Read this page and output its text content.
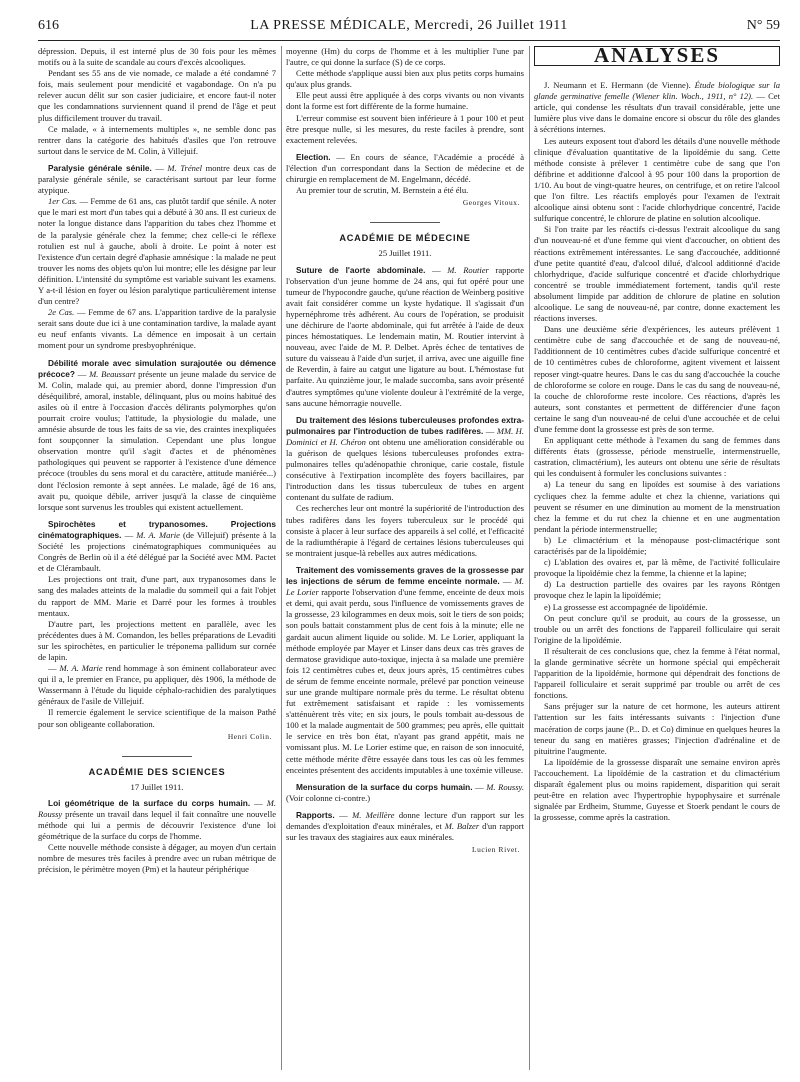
616	LA PRESSE MÉDICALE, Mercredi, 26 Juillet 1911	N° 59

dépression. Depuis, il est interné plus de 30 fois pour les mêmes motifs ou à la suite de scandale au cours d'excès alcooliques.

Pendant ses 55 ans de vie nomade, ce malade a été condamné 7 fois, mais seulement pour mendicité et vagabondage. On n'a pu relever aucun délit sur son casier judiciaire, et encore faut-il noter que les condamnations surviennent quand il prend de l'âge et peut plus difficilement trouver du travail.

Ce malade, « à internements multiples », ne semble donc pas rentrer dans la catégorie des habitués d'asiles que l'on retrouve surtout dans le service de M. Colin, à Villejuif.

Paralysie générale sénile. — M. Trénel montre deux cas de paralysie générale sénile, se caractérisant surtout par leur forme atypique.

1er Cas. — Femme de 61 ans, cas plutôt tardif que sénile. A noter que le mari est mort d'un tabes qui a débuté à 30 ans. Il est curieux de noter la longue distance dans l'apparition du tabes chez l'homme et de la paralysie générale chez la femme; chez celle-ci le réflexe rotulien est nul à gauche, aboli à droite. Le point à noter est l'existence d'un certain degré d'aphasie amnésique : la malade ne peut trouver les noms des objets qu'on lui montre; elle les désigne par leur définition. L'intensité du symptôme est variable suivant les examens. Y a-t-il lésion en foyer ou lésion paralytique particulièrement intense d'un centre?

2e Cas. — Femme de 67 ans. L'apparition tardive de la paralysie serait sans doute due ici à une contamination tardive, la malade ayant eu neuf enfants vivants. La démence en imposait à un certain moment pour un syndrome presbyophrénique.

Débilité morale avec simulation surajoutée ou démence précoce? — M. Beaussart présente un jeune malade du service de M. Colin, malade qui, au premier abord, donne l'impression d'un déséquilibré, amoral, instable, délinquant, plus ou moins habitué des asiles où il entre à l'occasion d'accès délirants polymorphes qu'on pourrait croire voulus; l'attitude, la physiologie du malade, une amnésie absurde de tous les faits de sa vie, des craintes inexpliquées font soupçonner la simulation. Cependant une plus longue observation montre qu'il s'agit d'actes et de phénomènes pathologiques qui peuvent se rapporter à l'existence d'une démence précoce (troubles du sens moral et du caractère, attitude maniérée...) dont l'éclosion remonte à sept années. Le malade, âgé de 16 ans, avait pu, quoique débile, arriver jusqu'à la classe de cinquième lorsque sont survenus les troubles qui existent actuellement.

Spirochètes et trypanosomes. Projections cinématographiques. — M. A. Marie (de Villejuif) présente à la Société les projections cinématographiques communiquées au Congrès de Berlin où il a été délégué par la Société avec MM. Pactet et de Clérambault.

Les projections ont trait, d'une part, aux trypanosomes dans le sang des malades atteints de la maladie du sommeil qui a fait l'objet du rapport de MM. Marie et Darré pour les formes à troubles mentaux.

D'autre part, les projections mettent en parallèle, avec les précédentes dues à M. Comandon, les belles préparations de Levaditi sur les spirochètes, en particulier le tréponema pallidum sur cornée de lapin.

— M. A. Marie rend hommage à son éminent collaborateur avec qui il a, le premier en France, pu appliquer, dès 1906, la méthode de Wassermann à l'étude du liquide céphalo-rachidien des paralytiques généraux de l'asile de Villejuif.

Il remercie également le service scientifique de la maison Pathé pour son obligeante collaboration.

Henri Colin.
ACADÉMIE DES SCIENCES
17 Juillet 1911.

Loi géométrique de la surface du corps humain. — M. Roussy présente un travail dans lequel il fait connaître une nouvelle méthode qui lui a permis de découvrir l'existence d'une loi géométrique de la surface du corps de l'homme.

Cette nouvelle méthode consiste à dégager, au moyen d'un certain nombre de mesures très faciles à prendre avec un ruban métrique de précision, le périmètre moyen (Pm) et la hauteur périphérique

moyenne (Hm) du corps de l'homme et à les multiplier l'une par l'autre, ce qui donne la surface (S) de ce corps.

Cette méthode s'applique aussi bien aux plus petits corps humains qu'aux plus grands.

Elle peut aussi être appliquée à des corps vivants ou non vivants dont la forme est fort différente de la forme humaine.

L'erreur commise est souvent bien inférieure à 1 pour 100 et peut être presque nulle, si les mesures, du reste faciles à prendre, sont exactement relevées.

Election. — En cours de séance, l'Académie a procédé à l'élection d'un correspondant dans la Section de médecine et de chirurgie en remplacement de M. Engelmann, décédé.

Au premier tour de scrutin, M. Bernstein a été élu.

Georges Vitoux.
ACADÉMIE DE MÉDECINE
25 Juillet 1911.

Suture de l'aorte abdominale. — M. Routier rapporte l'observation d'un jeune homme de 24 ans, qui fut opéré pour une tumeur de l'hypocondre gauche, qu'une réaction de Weinberg positive avait fait considérer comme un kyste hydatique. Il s'agissait d'un hypernéphrome très adhérent. Au cours de l'opération, se produisit une déchirure de l'aorte abdominale, qui fut arrêtée à l'aide de deux pinces hémostatiques. Le lendemain matin, M. Routier intervint à nouveau, avec l'aide de M. P. Delbet. Après échec de tentatives de suture du vaisseau à l'aide d'un surjet, il arriva, avec une aiguille fine de Reverdin, à faire au catgut une ligature au bout. L'hémostase fut parfaite. Au quinzième jour, le malade succomba, sans avoir présenté d'autres symptômes qu'une violente douleur à l'extrémité de la verge, sans aucune hémorragie nouvelle.

Du traitement des lésions tuberculeuses profondes extra-pulmonaires par l'introduction de tubes radifères. — MM. H. Dominici et H. Chéron ont obtenu une amélioration considérable ou la guérison de quelques lésions tuberculeuses profondes extra-pulmonaires telles qu'adénopathie chronique, carie costale, fistule consécutive à l'extirpation incomplète des foyers bacillaires, par l'introduction dans les tissus tuberculeux de tubes en argent contenant du sulfate de radium.

Ces recherches leur ont montré la supériorité de l'introduction des tubes radifères dans les foyers tuberculeux sur le procédé qui consiste à placer à leur surface des appareils à sel collé, et l'efficacité de la radiumthérapie à l'égard de certaines lésions tuberculeuses qui se montraient jusque-là rebelles aux autres médications.

Traitement des vomissements graves de la grossesse par les injections de sérum de femme enceinte normale. — M. Le Lorier rapporte l'observation d'une femme, enceinte de deux mois et demi, qui avait perdu, sous l'influence de vomissements graves de la grossesse, 23 kilogrammes en deux mois, soit le tiers de son poids; son pouls battait constamment plus de cent fois à la minute; elle ne gardait aucun aliment liquide ou solide. M. Le Lorier, appliquant la méthode employée par Mayer et Linser dans deux cas très graves de dermatose gravidique auto-toxique, injecta à sa malade une première fois 12 centimètres cubes et, deux jours après, 15 centimètres cubes de sérum de femme enceinte normale, prélevé par ponction veineuse sur une grande multipare normale près du terme. Le résultat obtenu fut extrêmement satisfaisant et rapide : les vomissements s'atténuèrent très vite; en six jours, le pouls tombait au-dessous de 100 et la malade augmentait de 500 grammes; peu après, elle quittait le service en très bon état, n'ayant pas grand appétit, mais ne vomissant plus. M. Le Lorier estime que, en raison de son innocuité, cette méthode mérite d'être essayée dans tous les cas où les femmes enceintes présentent des accidents imputables à une toxémie villeuse.

Mensuration de la surface du corps humain. — M. Roussy. (Voir colonne ci-contre.)

Rapports. — M. Meillère donne lecture d'un rapport sur les demandes d'exploitation d'eaux minérales, et M. Balzer d'un rapport sur les travaux des stagiaires aux eaux minérales.

Lucien Rivet.
ANALYSES

J. Neumann et E. Hermann (de Vienne). Étude biologique sur la glande germinative femelle (Wiener klin. Woch., 1911, n° 12). — Cet article, qui condense les résultats d'un travail considérable, jette une lumière plus vive dans le domaine encore si obscur du rôle des glandes à sécrétions internes.

Les auteurs exposent tout d'abord les détails d'une nouvelle méthode clinique d'évaluation quantitative de la lipoïdémie du sang. Cette méthode consiste à prélever 1 centimètre cube de sang que l'on défibrine et additionne d'alcool à 95 pour 100 dans la proportion de 1/10. Au bout de vingt-quatre heures, on centrifuge, et on retire l'alcool que l'on filtre. Les réactifs employés pour l'examen de l'extrait alcoolique ainsi obtenu sont : l'acide chlorhydrique concentré, l'acide sulfurique concentré, le chlorure de platine en solution alcoolique.

Si l'on traite par les réactifs ci-dessus l'extrait alcoolique du sang d'un nouveau-né et d'une femme qui vient d'accoucher, on obtient des réactions extrêmement intéressantes. Le sang d'accouchée, additionné d'une petite quantité d'eau, d'alcool dilué, d'alcool additionné d'acide chlorhydrique, d'acide sulfurique concentré et d'acide chlorhydrique concentré se trouble immédiatement fortement, tandis qu'il reste absolument limpide par addition de chlorure de platine en solution alcoolique. Le sang de nouveau-né, par contre, donne exactement les réactions inverses.

Dans une deuxième série d'expériences, les auteurs prélèvent 1 centimètre cube de sang d'accouchée et de sang de nouveau-né, l'additionnent de 10 centimètres cubes d'acide sulfurique concentré et de 10 centimètres cubes de chloroforme, agitent vivement et laissent reposer vingt-quatre heures. Dans le cas du sang d'accouchée la couche de chloroforme se colore en rouge. Dans le cas du sang de nouveau-né, la couche de chloroforme reste incolore. Ces réactions, d'après les auteurs, sont constantes et permettent de différencier d'une façon certaine le sang d'un nouveau-né de celui d'une accouchée et de celui d'une femme dont la grossesse est près de son terme.

En appliquant cette méthode à l'examen du sang de femmes dans différents états (grossesse, période menstruelle, intermenstruelle, castration, climactérium), les auteurs ont obtenu une série de résultats qui les conduisent à formuler les conclusions suivantes :

a) La teneur du sang en lipoïdes est soumise à des variations cycliques chez la femme adulte et chez la chienne, variations qui peuvent se résumer en une diminution au moment de la menstruation chez la femme et du rut chez la chienne et en une augmentation pendant la période intermenstruelle;

b) Le climactérium et la ménopause post-climactérique sont caractérisés par de la lipoïdémie;

c) L'ablation des ovaires et, par là même, de l'activité folliculaire provoque la lipoïdémie chez la femme, la chienne et la lapine;

d) La destruction partielle des ovaires par les rayons Röntgen provoque chez le lapin la lipoïdémie;

e) La grossesse est accompagnée de lipoïdémie.

On peut conclure qu'il se produit, au cours de la grossesse, un trouble ou un arrêt des fonctions de l'appareil folliculaire qui serait l'origine de la lipoïdémie.

Il résulterait de ces conclusions que, chez la femme à l'état normal, la glande germinative sécrète un hormone spécial qui empêcherait l'apparition de la lipoïdémie, hormone qui dépendrait des fonctions de l'appareil folliculaire et serait supprimé par trouble ou arrêt de ces fonctions.

Sans préjuger sur la nature de cet hormone, les auteurs attirent l'attention sur les faits intéressants suivants : l'injection d'une macération de corps jaune (P... D. et Co) diminue en quelques heures la teneur du sang en matières grasses; l'injection d'adrénaline et de pituitrine l'augmente.

La lipoïdémie de la grossesse disparaît une semaine environ après l'accouchement. La lipoïdémie de la castration et du climactérium disparaît également plus ou moins rapidement, disparition qui serait peut-être en relation avec l'hypertrophie hypophysaire et surrénale signalée par Erdheim, Stumme, Guyesse et Stoerk pendant le cours de la grossesse, comme après la castration.
